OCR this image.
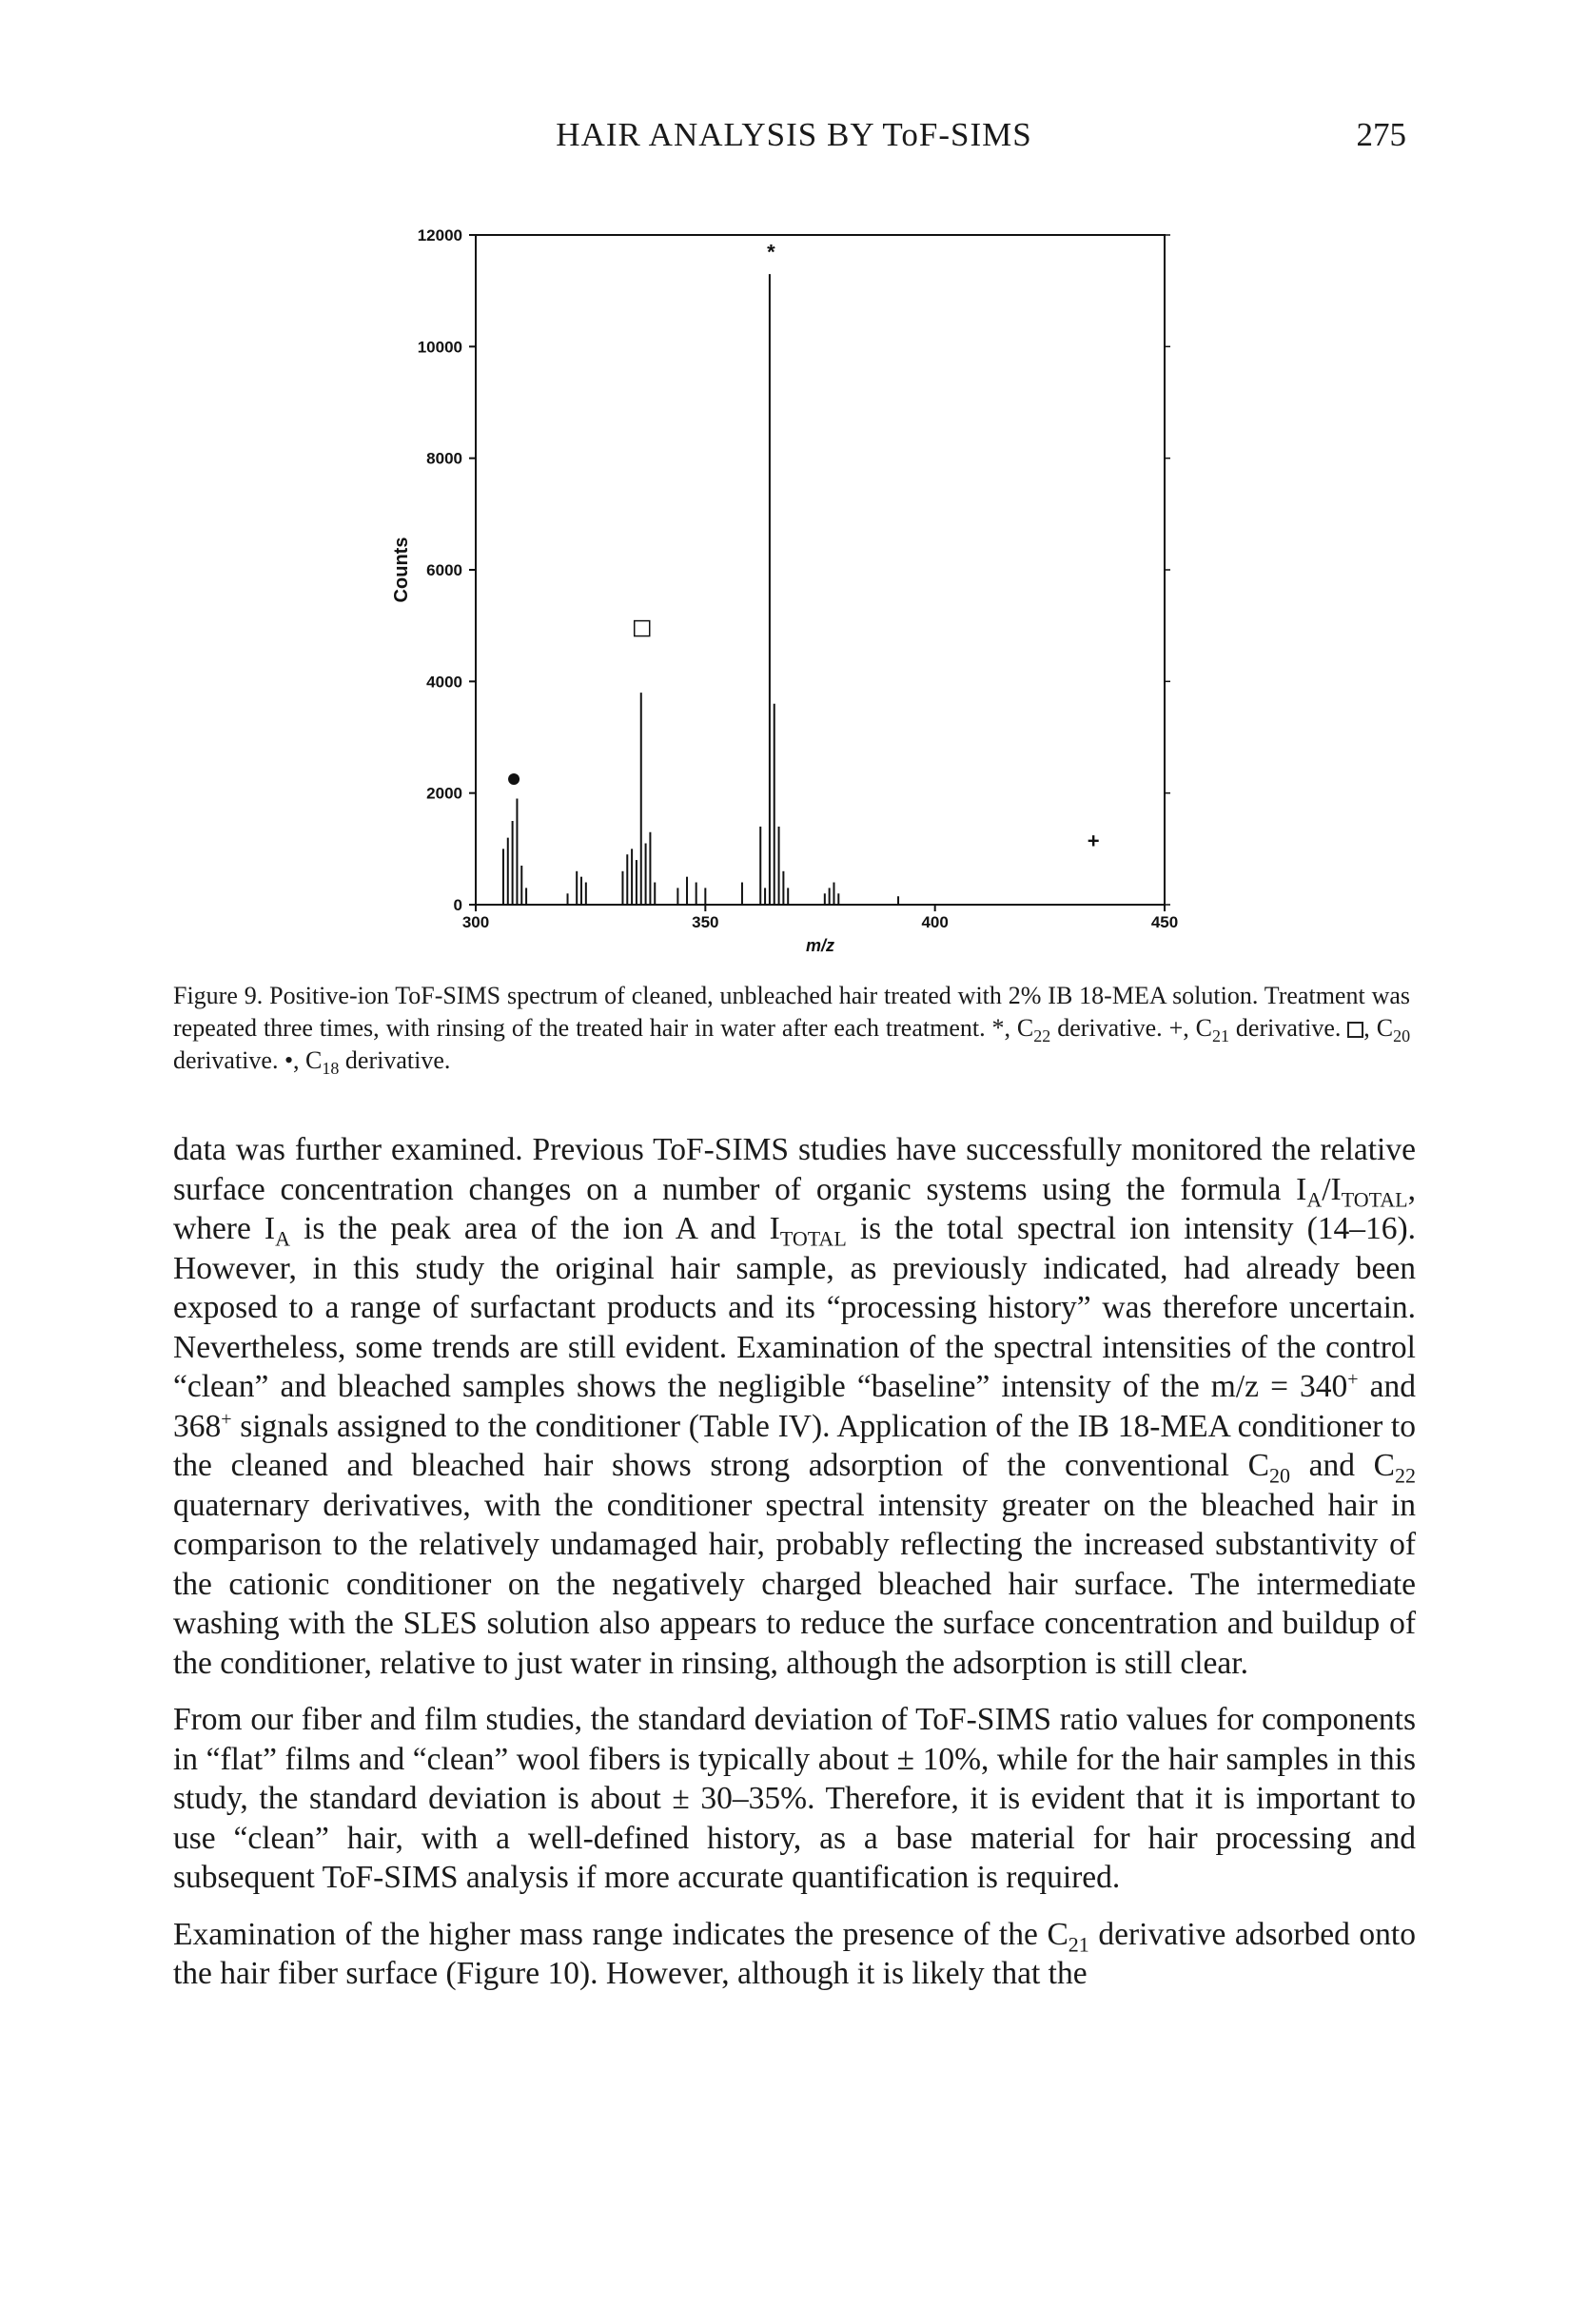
HAIR ANALYSIS BY ToF-SIMS	275
0
2000
4000
6000
8000
10000
12000
300	350	400	450
*
+
Counts
m/z
Figure 9. Positive-ion ToF-SIMS spectrum of cleaned, unbleached hair treated with 2% IB 18-MEA solution. Treatment was repeated three times, with rinsing of the treated hair in water after each treatment. *, $C_{22}$ derivative. +, $C_{21}$ derivative. , $C_{20}$ derivative. •, $C_{18}$ derivative.

data was further examined. Previous ToF-SIMS studies have successfully monitored the relative surface concentration changes on a number of organic systems using the formula $I_A/I_{TOTAL}$, where $I_A$ is the peak area of the ion A and $I_{TOTAL}$ is the total spectral ion intensity (14–16). However, in this study the original hair sample, as previously indicated, had already been exposed to a range of surfactant products and its “processing history” was therefore uncertain. Nevertheless, some trends are still evident. Examination of the spectral intensities of the control “clean” and bleached samples shows the negligible “baseline” intensity of the m/z = 340+ and 368+ signals assigned to the conditioner (Table IV). Application of the IB 18-MEA conditioner to the cleaned and bleached hair shows strong adsorption of the conventional $C_{20}$ and $C_{22}$ quaternary derivatives, with the conditioner spectral intensity greater on the bleached hair in comparison to the relatively undamaged hair, probably reflecting the increased substantivity of the cationic conditioner on the negatively charged bleached hair surface. The intermediate washing with the SLES solution also appears to reduce the surface concentration and buildup of the conditioner, relative to just water in rinsing, although the adsorption is still clear.

From our fiber and film studies, the standard deviation of ToF-SIMS ratio values for components in “flat” films and “clean” wool fibers is typically about ± 10%, while for the hair samples in this study, the standard deviation is about ± 30–35%. Therefore, it is evident that it is important to use “clean” hair, with a well-defined history, as a base material for hair processing and subsequent ToF-SIMS analysis if more accurate quantification is required.

Examination of the higher mass range indicates the presence of the $C_{21}$ derivative adsorbed onto the hair fiber surface (Figure 10). However, although it is likely that the
